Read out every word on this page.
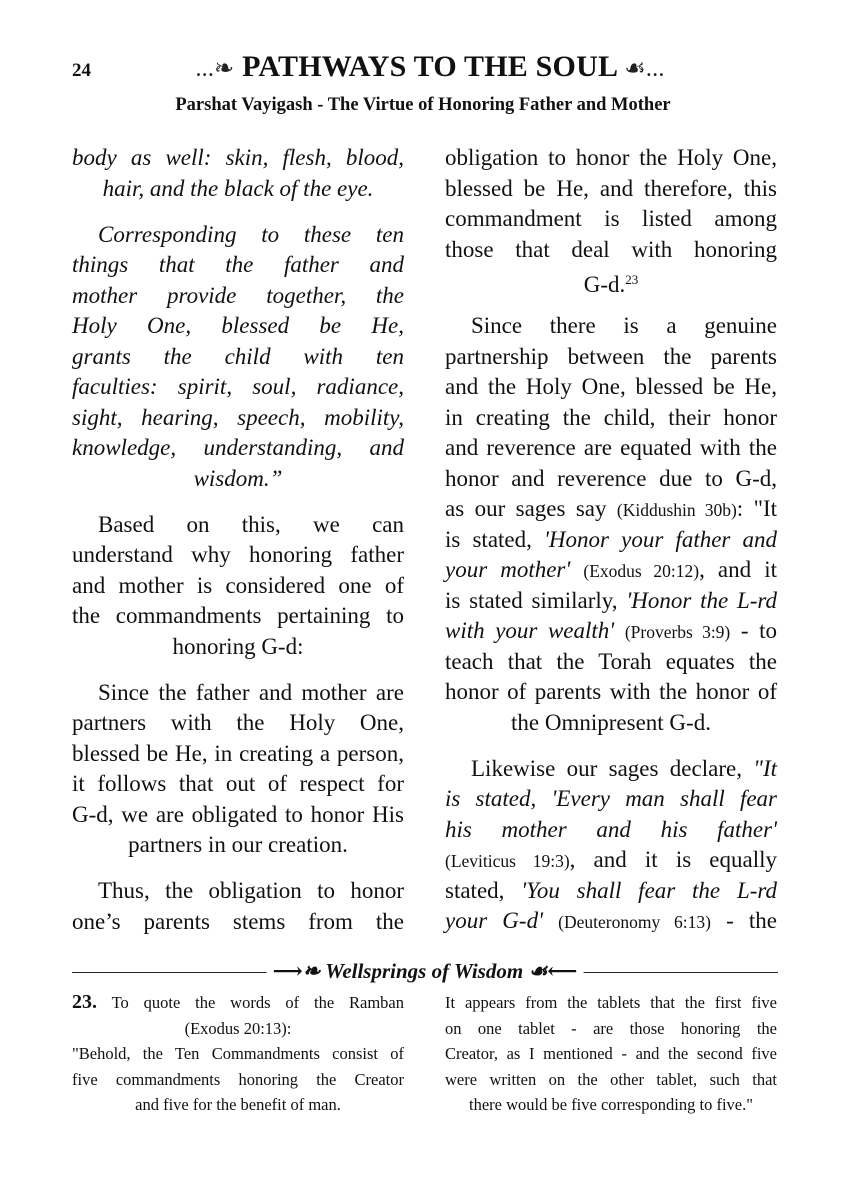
24	...❧ PATHWAYS TO THE SOUL ☙...
Parshat Vayigash - The Virtue of Honoring Father and Mother
body as well: skin, flesh, blood,
hair, and the black of the eye.
Corresponding to these ten
things that the father and
mother provide together, the
Holy One, blessed be He,
grants the child with ten
faculties: spirit, soul, radiance,
sight, hearing, speech, mobility,
knowledge, understanding, and
wisdom.”
Based on this, we can
understand why honoring father
and mother is considered one of
the commandments pertaining to
honoring G-d:
Since the father and mother are
partners with the Holy One,
blessed be He, in creating a person,
it follows that out of respect for
G-d, we are obligated to honor His
partners in our creation.
Thus, the obligation to honor
one’s parents stems from the
obligation to honor the Holy One,
blessed be He, and therefore, this
commandment is listed among
those that deal with honoring
G-d.$^{23}$
Since there is a genuine
partnership between the parents
and the Holy One, blessed be He,
in creating the child, their honor
and reverence are equated with the
honor and reverence due to G-d,
as our sages say (Kiddushin 30b): "It
is stated, 'Honor your father and
your mother' (Exodus 20:12), and it
is stated similarly, 'Honor the L-rd
with your wealth' (Proverbs 3:9) - to
teach that the Torah equates the
honor of parents with the honor of
the Omnipresent G-d.
Likewise our sages declare, "It
is stated, 'Every man shall fear
his mother and his father'
(Leviticus 19:3), and it is equally
stated, 'You shall fear the L-rd
your G-d' (Deuteronomy 6:13) - the
⟶❧ Wellsprings of Wisdom ☙⟵
23. To quote the words of the Ramban
(Exodus 20:13):
"Behold, the Ten Commandments consist of
five commandments honoring the Creator
and five for the benefit of man.
It appears from the tablets that the first five
on one tablet - are those honoring the
Creator, as I mentioned - and the second five
were written on the other tablet, such that
there would be five corresponding to five."
